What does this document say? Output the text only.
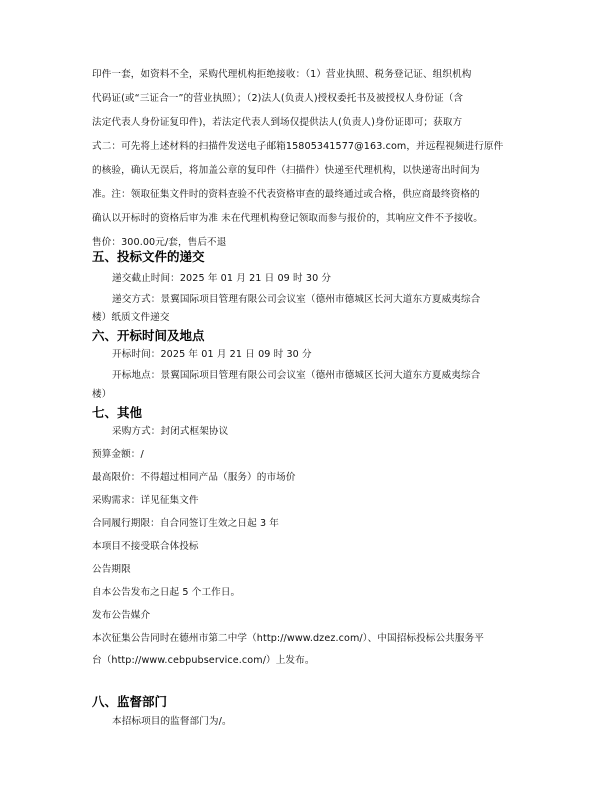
印件一套，如资料不全，采购代理机构拒绝接收：（1）营业执照、税务登记证、组织机构
代码证(或“三证合一”的营业执照）；（2)法人(负责人)授权委托书及被授权人身份证（含
法定代表人身份证复印件)，若法定代表人到场仅提供法人(负责人)身份证即可；获取方
式二：可先将上述材料的扫描件发送电子邮箱15805341577@163.com，并远程视频进行原件
的核验，确认无误后，将加盖公章的复印件（扫描件）快递至代理机构，以快递寄出时间为
准。注：领取征集文件时的资料查验不代表资格审查的最终通过或合格，供应商最终资格的
确认以开标时的资格后审为准 未在代理机构登记领取而参与报价的，其响应文件不予接收。
售价：300.00元/套，售后不退
五、投标文件的递交
递交截止时间：2025 年 01 月 21 日 09 时 30 分
递交方式：景翼国际项目管理有限公司会议室（德州市德城区长河大道东方夏威夷综合
楼）纸质文件递交
六、开标时间及地点
开标时间：2025 年 01 月 21 日 09 时 30 分
开标地点：景翼国际项目管理有限公司会议室（德州市德城区长河大道东方夏威夷综合
楼）
七、其他
采购方式：封闭式框架协议
预算金额：/
最高限价：不得超过相同产品（服务）的市场价
采购需求：详见征集文件
合同履行期限：自合同签订生效之日起 3 年
本项目不接受联合体投标
公告期限
自本公告发布之日起 5 个工作日。
发布公告媒介
本次征集公告同时在德州市第二中学（http://www.dzez.com/）、中国招标投标公共服务平
台（http://www.cebpubservice.com/）上发布。
八、监督部门
本招标项目的监督部门为/。
